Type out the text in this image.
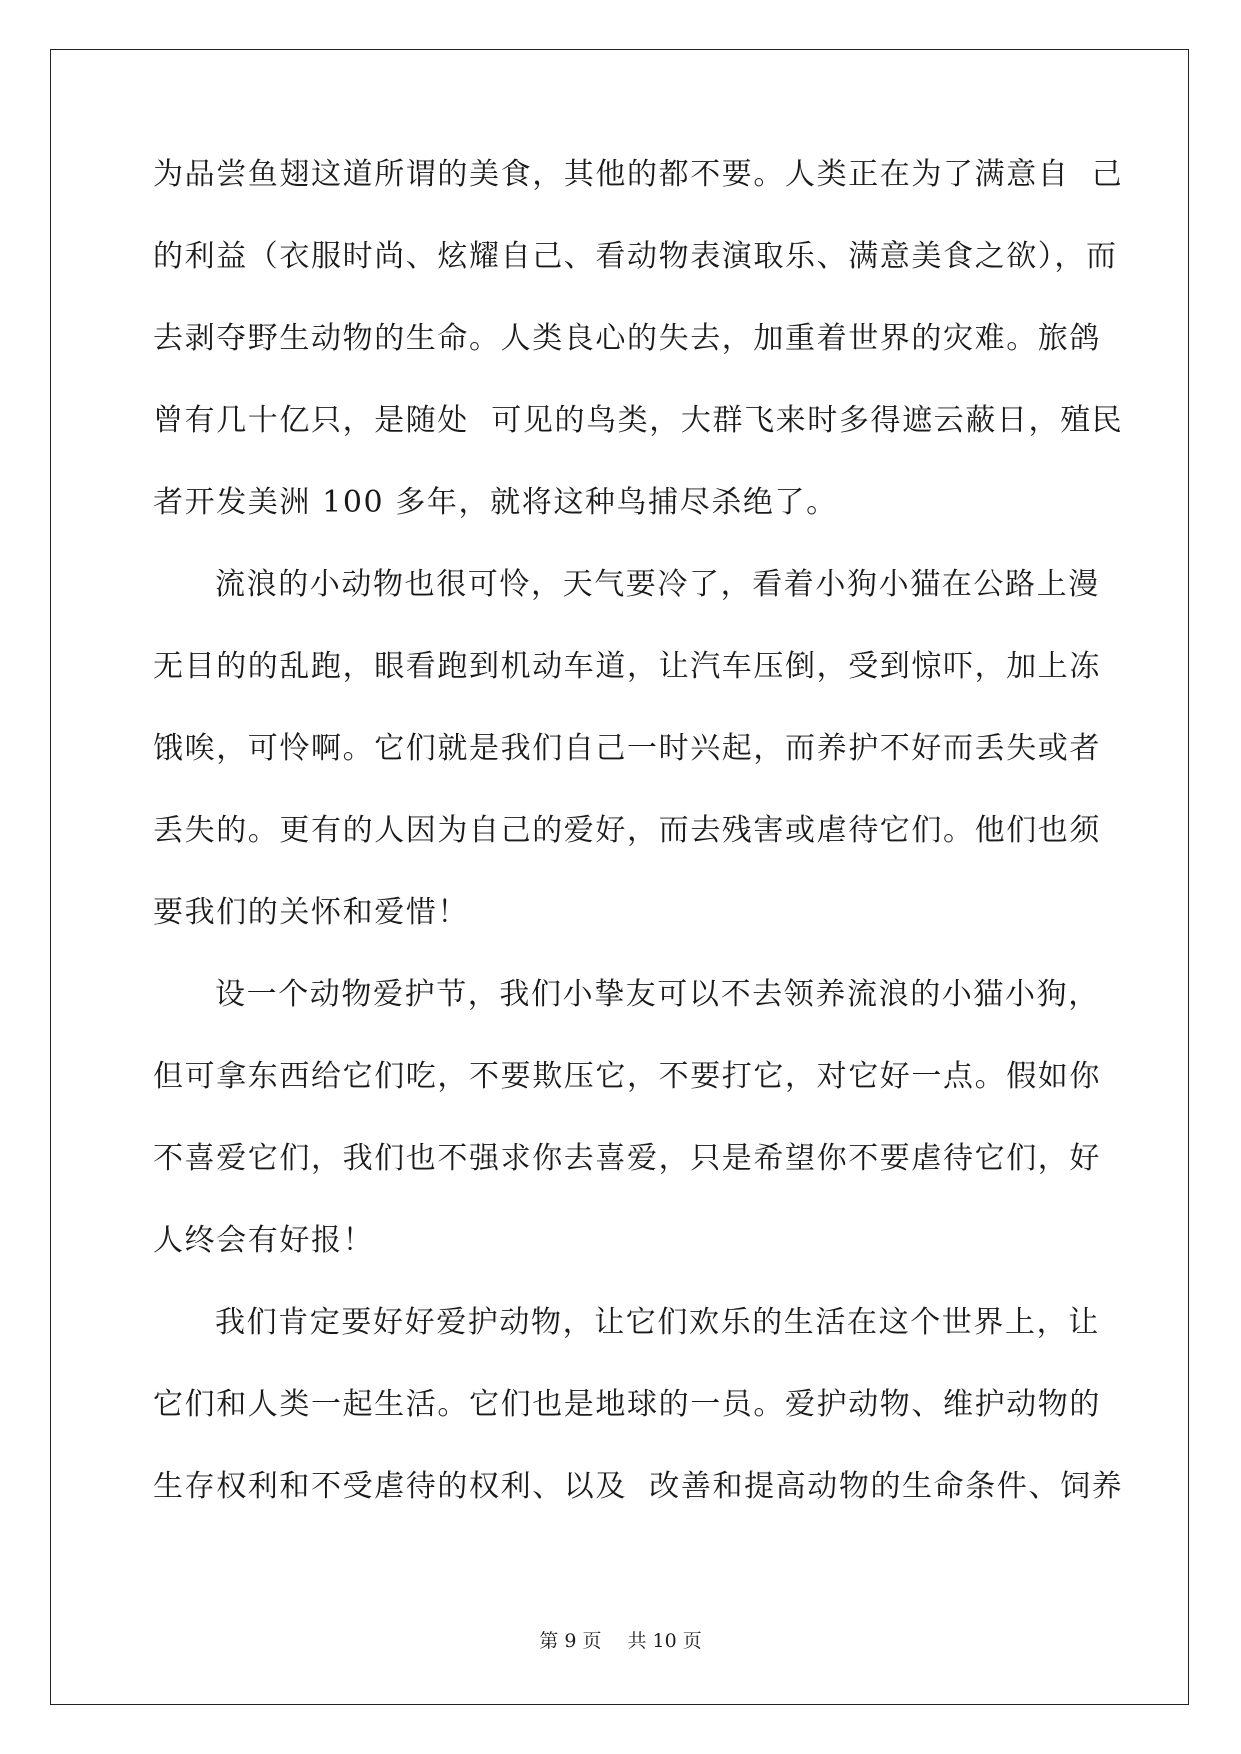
为品尝鱼翅这道所谓的美食，其他的都不要。人类正在为了满意自  己
的利益（衣服时尚、炫耀自己、看动物表演取乐、满意美食之欲），而
去剥夺野生动物的生命。人类良心的失去，加重着世界的灾难。旅鸽
曾有几十亿只，是随处  可见的鸟类，大群飞来时多得遮云蔽日，殖民
者开发美洲 100 多年，就将这种鸟捕尽杀绝了。
流浪的小动物也很可怜，天气要冷了，看着小狗小猫在公路上漫
无目的的乱跑，眼看跑到机动车道，让汽车压倒，受到惊吓，加上冻
饿唉，可怜啊。它们就是我们自己一时兴起，而养护不好而丢失或者
丢失的。更有的人因为自己的爱好，而去残害或虐待它们。他们也须
要我们的关怀和爱惜！
设一个动物爱护节，我们小挚友可以不去领养流浪的小猫小狗，
但可拿东西给它们吃，不要欺压它，不要打它，对它好一点。假如你
不喜爱它们，我们也不强求你去喜爱，只是希望你不要虐待它们，好
人终会有好报！
我们肯定要好好爱护动物，让它们欢乐的生活在这个世界上，让
它们和人类一起生活。它们也是地球的一员。爱护动物、维护动物的
生存权利和不受虐待的权利、以及  改善和提高动物的生命条件、饲养
第 9 页 共 10 页
